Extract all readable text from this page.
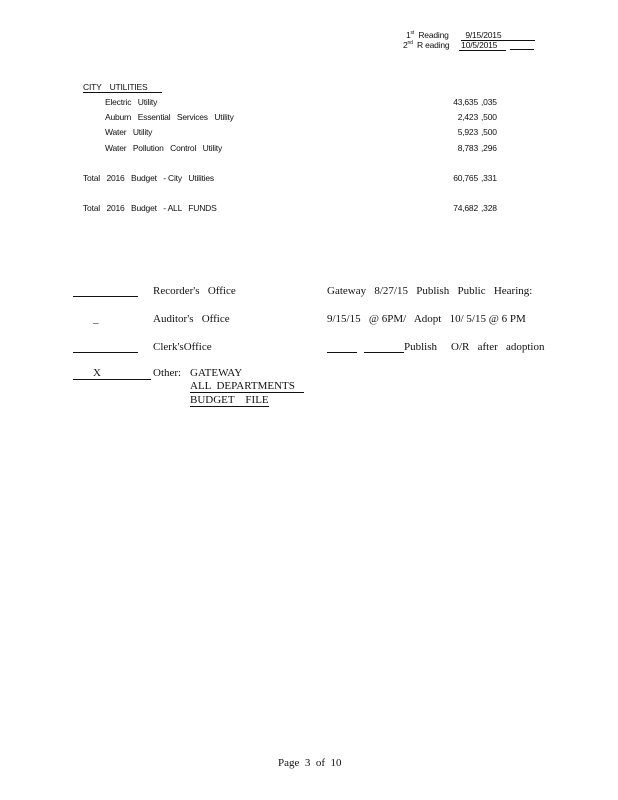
1st Reading	9/15/2015
2nd R eading 10/5/2015
CITY UTILITIES
Electric   Utility	43,635 ,035
Auburn   Essential   Services   Utility	2,423 ,500
Water   Utility	5,923 ,500
Water   Pollution   Control   Utility	8,783 ,296
Total   2016   Budget   - City   Utilities	60,765 ,331
Total   2016   Budget   - ALL   FUNDS	74,682 ,328
Recorder's   Office	Gateway   8/27/15   Publish   Public   Hearing:
_	Auditor's   Office	9/15/15   @ 6PM/   Adopt   10/ 5/15 @ 6 PM
Clerk'sOffice	Publish O/R   after   adoption
X	Other: GATEWAY
ALL  DEPARTMENTS
BUDGET    FILE
Page  3  of  10
